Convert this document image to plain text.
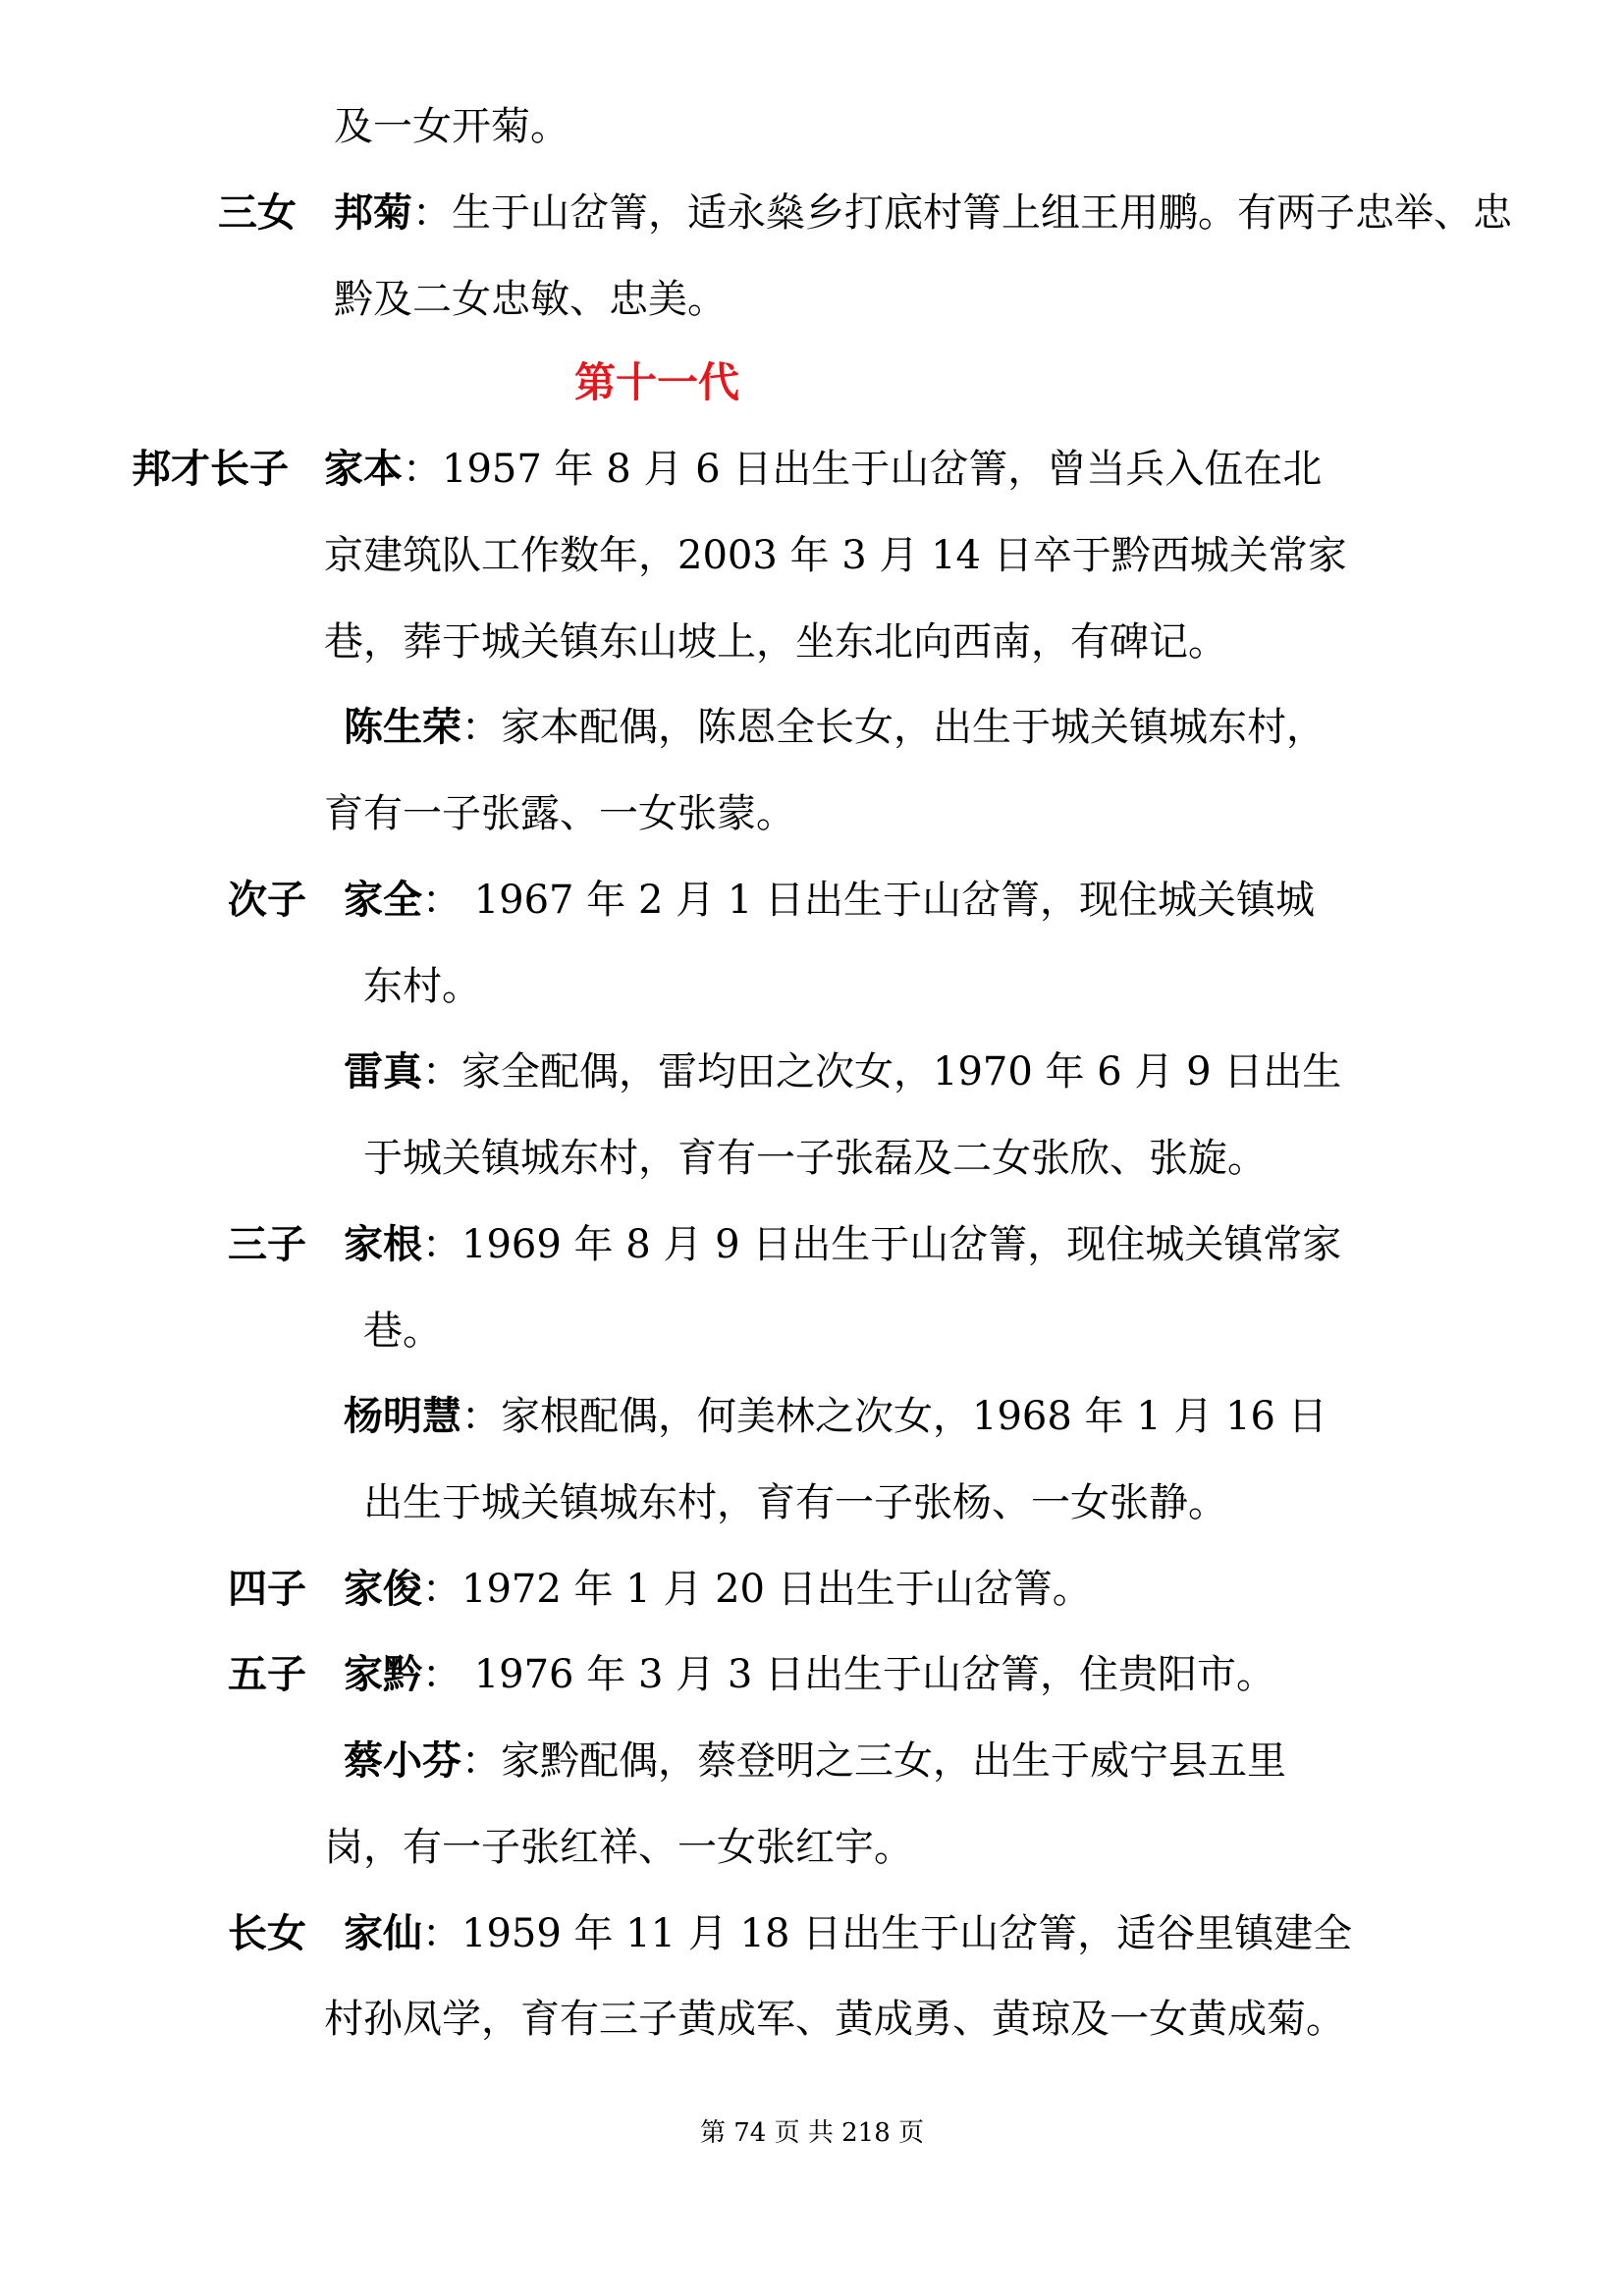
及一女开菊。
三女 邦菊 ：生于山岔箐，适永燊乡打底村箐上组王用鹏。有两子忠举、忠
黔及二女忠敏、忠美。
邦才长子 家本 ：1957 年 8 月 6 日出生于山岔箐，曾当兵入伍在北
京建筑队工作数年，2003 年 3 月 14 日卒于黔西城关常家
巷，葬于城关镇东山坡上，坐东北向西南，有碑记。
陈生荣 ：家本配偶，陈恩全长女，出生于城关镇城东村，
育有一子张露、一女张蒙。
次子 家全 ： 1967 年 2 月 1 日出生于山岔箐，现住城关镇城
东村。
雷真 ：家全配偶，雷均田之次女，1970 年 6 月 9 日出生
于城关镇城东村，育有一子张磊及二女张欣、张旋。
三子 家根 ：1969 年 8 月 9 日出生于山岔箐，现住城关镇常家
巷。
杨明慧 ：家根配偶，何美林之次女，1968 年 1 月 16 日
出生于城关镇城东村，育有一子张杨、一女张静。
四子 家俊 ：1972 年 1 月 20 日出生于山岔箐。
五子 家黔 ： 1976 年 3 月 3 日出生于山岔箐，住贵阳市。
蔡小芬 ：家黔配偶，蔡登明之三女，出生于威宁县五里
岗，有一子张红祥、一女张红宇。
长女 家仙 ：1959 年 11 月 18 日出生于山岔箐，适谷里镇建全
村孙凤学，育有三子黄成军、黄成勇、黄琼及一女黄成菊。
第十一代
第 74 页 共 218 页
